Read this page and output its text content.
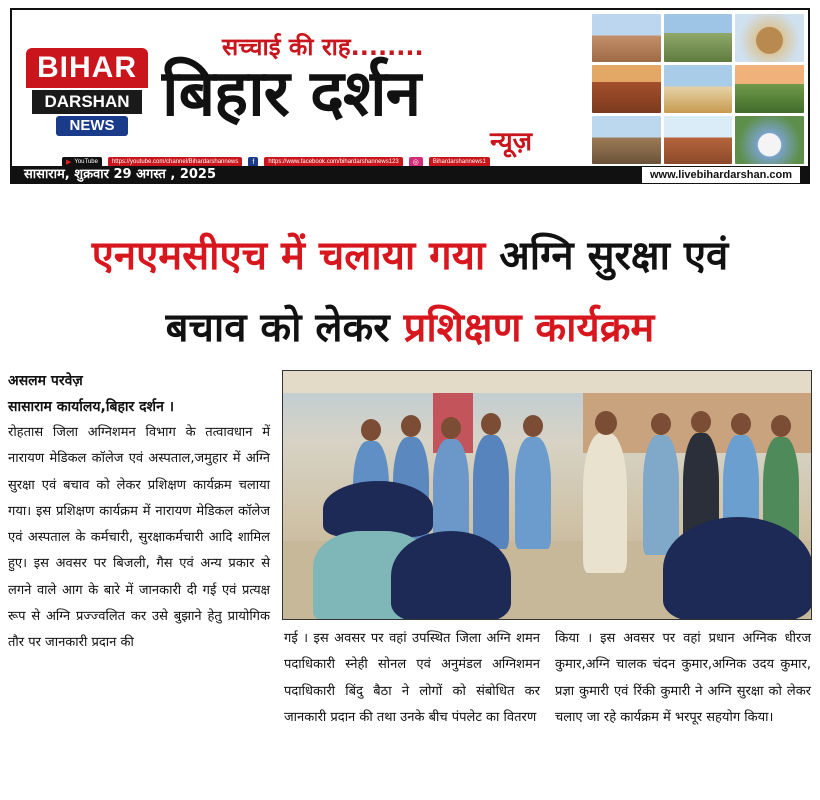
BIHAR
DARSHAN
NEWS
सच्चाई की राह........
बिहार दर्शन
न्यूज़
▶ YouTube	https://youtube.com/channel/Bihardarshannews	f	https://www.facebook.com/bihardarshannews123	◎	Bihardarshannews1
सासाराम, शुक्रवार 29 अगस्त , 2025	www.livebihardarshan.com
एनएमसीएच में चलाया गया अग्नि सुरक्षा एवं
बचाव को लेकर प्रशिक्षण कार्यक्रम

असलम परवेज़

सासाराम कार्यालय,बिहार दर्शन ।

रोहतास जिला अग्निशमन विभाग के तत्वावधान में नारायण मेडिकल कॉलेज एवं अस्पताल,जमुहार में अग्नि सुरक्षा एवं बचाव को लेकर प्रशिक्षण कार्यक्रम चलाया गया। इस प्रशिक्षण कार्यक्रम में नारायण मेडिकल कॉलेज एवं अस्पताल के कर्मचारी, सुरक्षाकर्मचारी आदि शामिल हुए। इस अवसर पर बिजली, गैस एवं अन्य प्रकार से लगने वाले आग के बारे में जानकारी दी गई एवं प्रत्यक्ष रूप से अग्नि प्रज्ज्वलित कर उसे बुझाने हेतु प्रायोगिक तौर पर जानकारी प्रदान की	गई । इस अवसर पर वहां उपस्थित जिला अग्नि शमन पदाधिकारी स्नेही सोनल एवं अनुमंडल अग्निशमन पदाधिकारी बिंदु बैठा ने लोगों को संबोधित कर जानकारी प्रदान की तथा उनके बीच पंपलेट का वितरण

किया । इस अवसर पर वहां प्रधान अग्निक धीरज कुमार,अग्नि चालक चंदन कुमार,अग्निक उदय कुमार, प्रज्ञा कुमारी एवं रिंकी कुमारी ने अग्नि सुरक्षा को लेकर चलाए जा रहे कार्यक्रम में भरपूर सहयोग किया।
